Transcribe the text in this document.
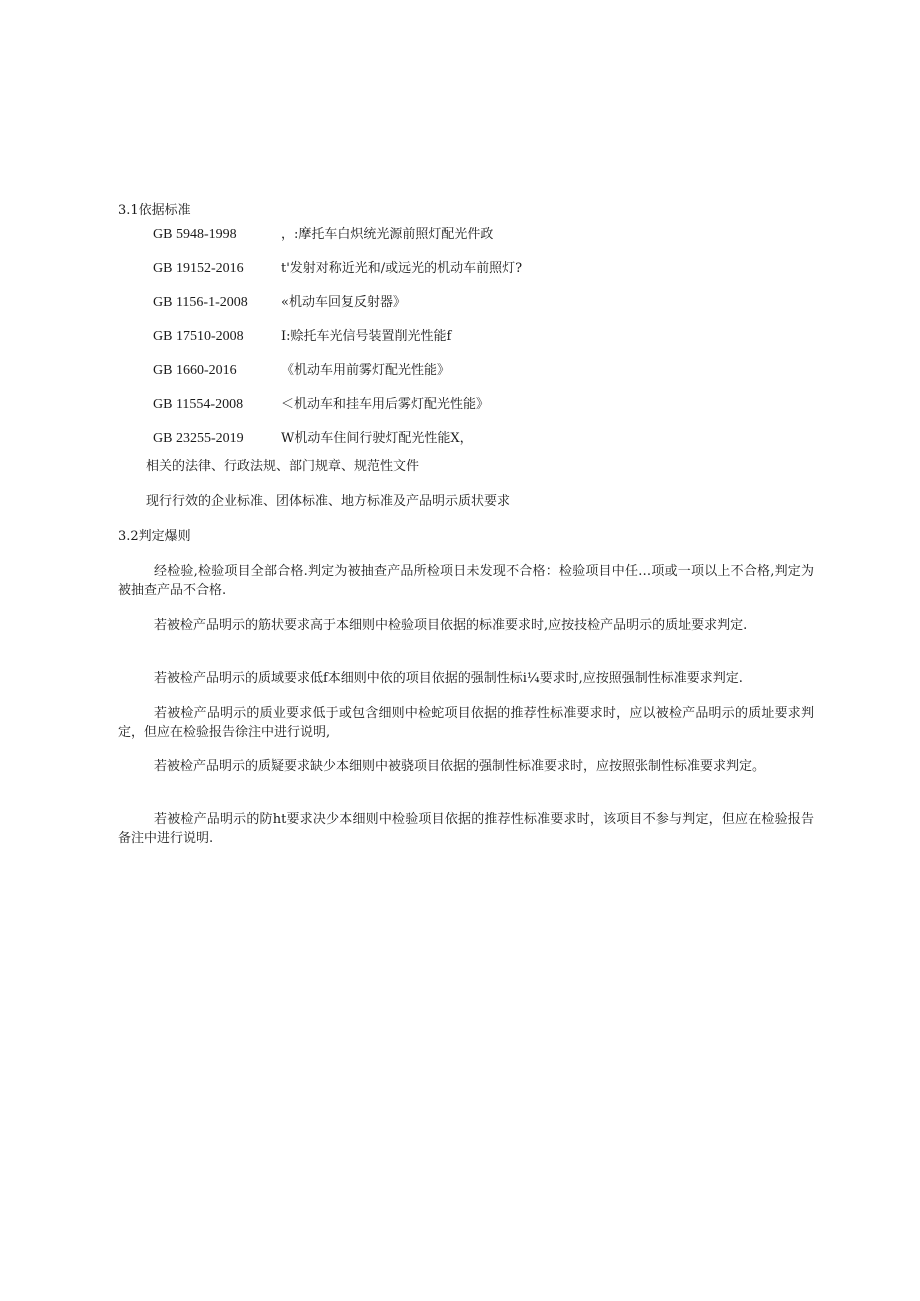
3.1依据标准
GB 5948-1998	，:摩托车白炽统光源前照灯配光件政
GB 19152-2016	t'发射对称近光和/或远光的机动车前照灯?
GB 1156-1-2008	«机动车回复反射器》
GB 17510-2008	I:赊托车光信号装置削光性能f
GB 1660-2016	《机动车用前雾灯配光性能》
GB 11554-2008	＜机动车和挂车用后雾灯配光性能》
GB 23255-2019	W机动车住间行驶灯配光性能X，
相关的法律、行政法规、部门规章、规范性文件
现行行效的企业标准、团体标准、地方标准及产品明示质状要求
3.2判定爆则

经检验,检验项目全部合格.判定为被抽查产品所检项日未发现不合格：检验项目中任…项或一项以上不合格,判定为被抽查产品不合格.

若被检产品明示的筋状要求高于本细则中检验项目依据的标准要求时,应按技检产品明示的质址要求判定.

若被检产品明示的质域要求低f本细则中依的项目依据的强制性标i¼要求时,应按照强制性标准要求判定.

若被检产品明示的质业要求低于或包含细则中检蛇项目依据的推荐性标准要求时，应以被检产品明示的质址要求判定，但应在检验报告徐注中进行说明,

若被检产品明示的质疑要求缺少本细则中被骁项目依据的强制性标准要求时，应按照张制性标准要求判定。

若被检产品明示的防ht要求决少本细则中检验项目依据的推荐性标准要求时，该项目不参与判定，但应在检验报告备注中进行说明.
